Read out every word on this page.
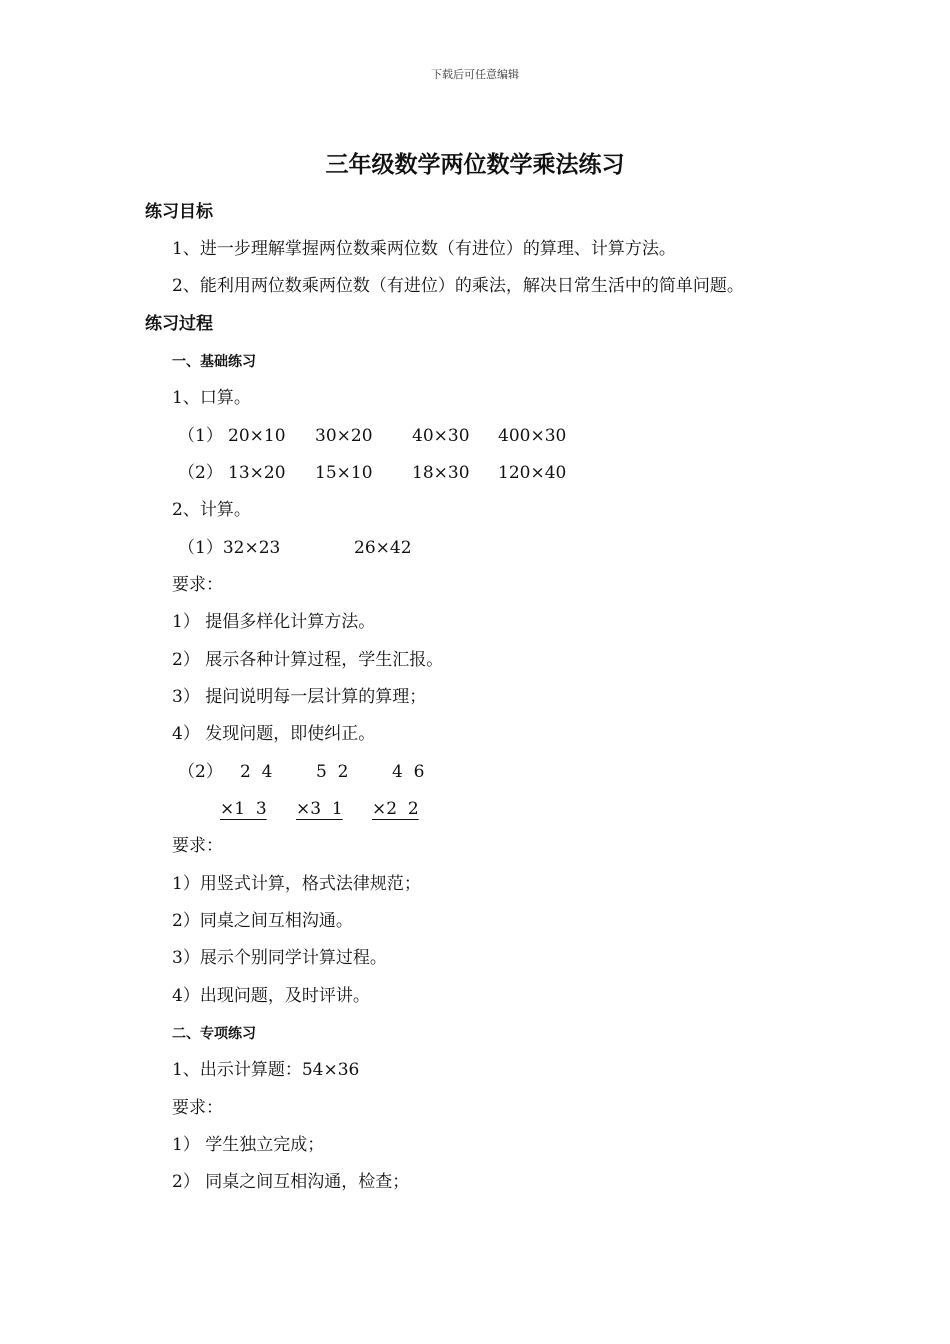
下载后可任意编辑
三年级数学两位数学乘法练习
练习目标
1、进一步理解掌握两位数乘两位数（有进位）的算理、计算方法。
2、能利用两位数乘两位数（有进位）的乘法，解决日常生活中的简单问题。
练习过程
一、基础练习
1、口算。
（1） 20×10 30×20 40×30 400×30
（2） 13×20 15×10 18×30 120×40
2、计算。
（1）32×23	26×42
要求：
1） 提倡多样化计算方法。
2） 展示各种计算过程，学生汇报。
3） 提问说明每一层计算的算理；
4） 发现问题，即使纠正。
（2） 2  4	5  2	4  6
×1  3 ×3  1 ×2  2
要求：
1）用竖式计算，格式法律规范；
2）同桌之间互相沟通。
3）展示个别同学计算过程。
4）出现问题，及时评讲。
二、专项练习
1、出示计算题：54×36
要求：
1） 学生独立完成；
2） 同桌之间互相沟通，检查；
